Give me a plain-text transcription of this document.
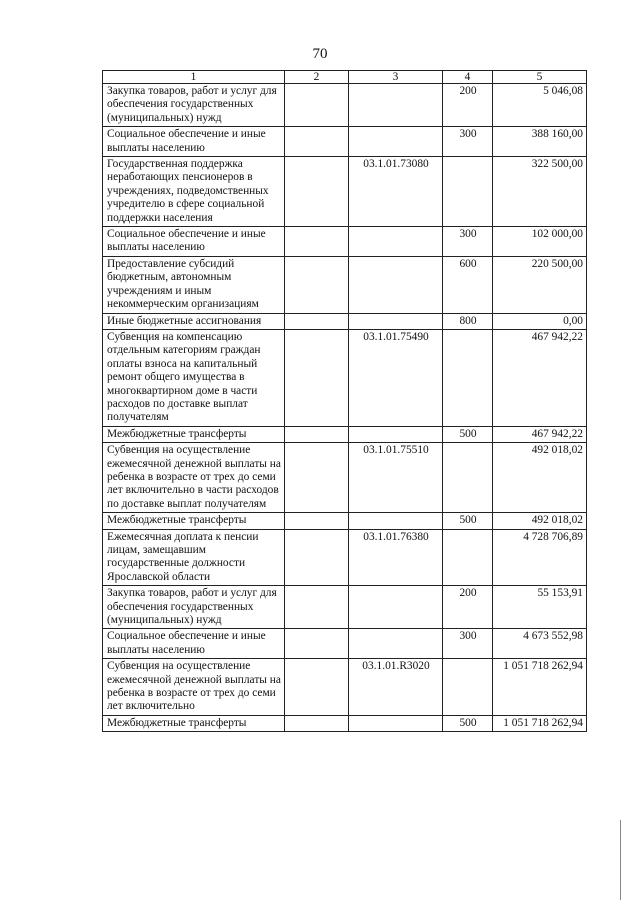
70
1	2	3	4	5
Закупка товаров, работ и услуг для обеспечения государственных (муниципальных) нужд			200	5 046,08
Социальное обеспечение и иные выплаты населению			300	388 160,00
Государственная поддержка неработающих пенсионеров в учреждениях, подведомственных учредителю в сфере социальной поддержки населения		03.1.01.73080		322 500,00
Социальное обеспечение и иные выплаты населению			300	102 000,00
Предоставление субсидий бюджетным, автономным учреждениям и иным некоммерческим организациям			600	220 500,00
Иные бюджетные ассигнования			800	0,00
Субвенция на компенсацию отдельным категориям граждан оплаты взноса на капитальный ремонт общего имущества в многоквартирном доме в части расходов по доставке выплат получателям		03.1.01.75490		467 942,22
Межбюджетные трансферты			500	467 942,22
Субвенция на осуществление ежемесячной денежной выплаты на ребенка в возрасте от трех до семи лет включительно в части расходов по доставке выплат получателям		03.1.01.75510		492 018,02
Межбюджетные трансферты			500	492 018,02
Ежемесячная доплата к пенсии лицам, замещавшим государственные должности Ярославской области		03.1.01.76380		4 728 706,89
Закупка товаров, работ и услуг для обеспечения государственных (муниципальных) нужд			200	55 153,91
Социальное обеспечение и иные выплаты населению			300	4 673 552,98
Субвенция на осуществление ежемесячной денежной выплаты на ребенка в возрасте от трех до семи лет включительно		03.1.01.R3020		1 051 718 262,94
Межбюджетные трансферты			500	1 051 718 262,94
